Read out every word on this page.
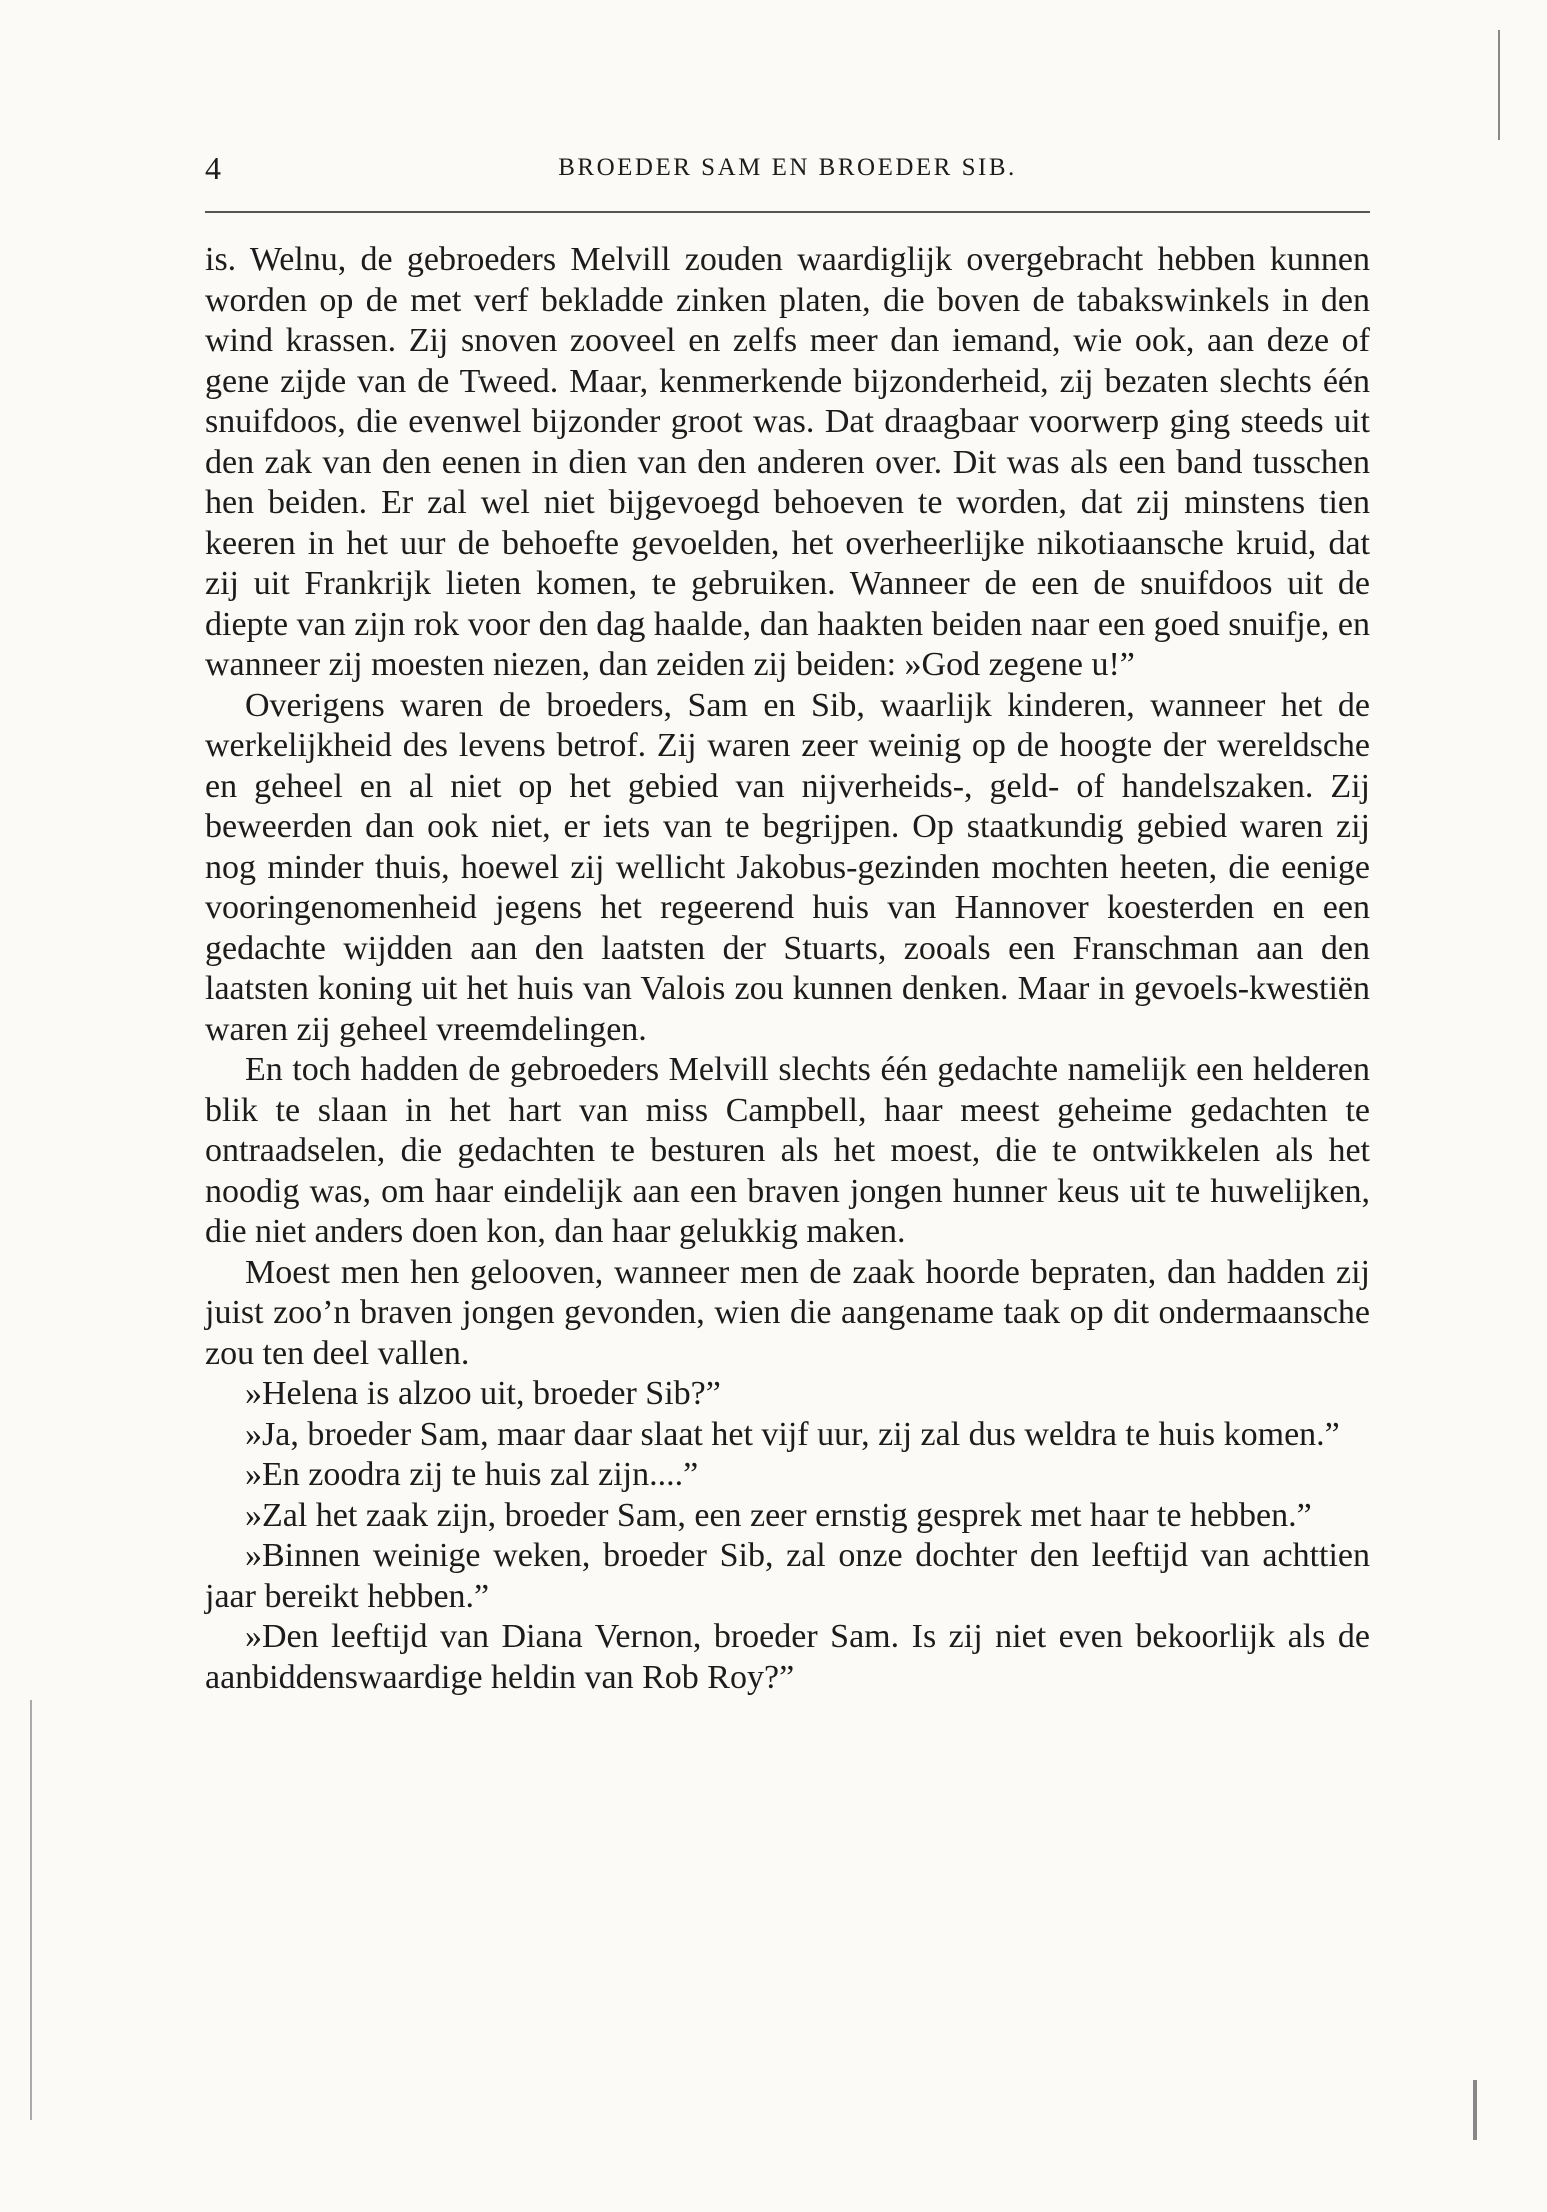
4	BROEDER SAM EN BROEDER SIB.

is. Welnu, de gebroeders Melvill zouden waardiglijk overgebracht hebben kunnen worden op de met verf bekladde zinken platen, die boven de tabakswinkels in den wind krassen. Zij snoven zooveel en zelfs meer dan iemand, wie ook, aan deze of gene zijde van de Tweed. Maar, kenmerkende bijzonderheid, zij bezaten slechts één snuifdoos, die evenwel bijzonder groot was. Dat draagbaar voorwerp ging steeds uit den zak van den eenen in dien van den anderen over. Dit was als een band tusschen hen beiden. Er zal wel niet bijgevoegd behoeven te worden, dat zij minstens tien keeren in het uur de behoefte gevoelden, het overheerlijke nikotiaansche kruid, dat zij uit Frankrijk lieten komen, te gebruiken. Wanneer de een de snuifdoos uit de diepte van zijn rok voor den dag haalde, dan haakten beiden naar een goed snuifje, en wanneer zij moesten niezen, dan zeiden zij beiden: »God zegene u!”

Overigens waren de broeders, Sam en Sib, waarlijk kinderen, wanneer het de werkelijkheid des levens betrof. Zij waren zeer weinig op de hoogte der wereldsche en geheel en al niet op het gebied van nijverheids-, geld- of handelszaken. Zij beweerden dan ook niet, er iets van te begrijpen. Op staatkundig gebied waren zij nog minder thuis, hoewel zij wellicht Jakobus-gezinden mochten heeten, die eenige vooringenomenheid jegens het regeerend huis van Hannover koesterden en een gedachte wijdden aan den laatsten der Stuarts, zooals een Franschman aan den laatsten koning uit het huis van Valois zou kunnen denken. Maar in gevoels-kwestiën waren zij geheel vreemdelingen.

En toch hadden de gebroeders Melvill slechts één gedachte namelijk een helderen blik te slaan in het hart van miss Campbell, haar meest geheime gedachten te ontraadselen, die gedachten te besturen als het moest, die te ontwikkelen als het noodig was, om haar eindelijk aan een braven jongen hunner keus uit te huwelijken, die niet anders doen kon, dan haar gelukkig maken.

Moest men hen gelooven, wanneer men de zaak hoorde bepraten, dan hadden zij juist zoo’n braven jongen gevonden, wien die aangename taak op dit ondermaansche zou ten deel vallen.

»Helena is alzoo uit, broeder Sib?”

»Ja, broeder Sam, maar daar slaat het vijf uur, zij zal dus weldra te huis komen.”

»En zoodra zij te huis zal zijn....”

»Zal het zaak zijn, broeder Sam, een zeer ernstig gesprek met haar te hebben.”

»Binnen weinige weken, broeder Sib, zal onze dochter den leeftijd van achttien jaar bereikt hebben.”

»Den leeftijd van Diana Vernon, broeder Sam. Is zij niet even bekoorlijk als de aanbiddenswaardige heldin van Rob Roy?”
